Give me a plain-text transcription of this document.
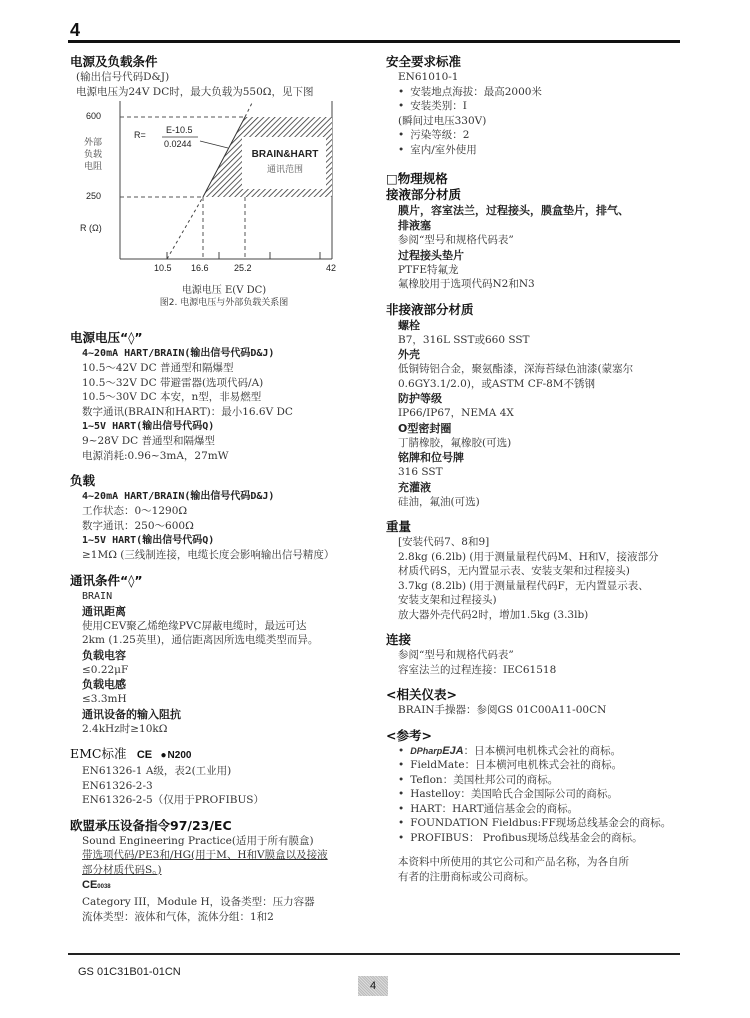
4
电源及负载条件
(输出信号代码D&J)
电源电压为24V DC时，最大负载为550Ω，见下图
600
250
外部
负载
电阻
R (Ω)
R= E-10.5
0.0244
BRAIN&HART
通讯范围
10.5 16.6	25.2	42
电源电压 E(V DC)
图2. 电源电压与外部负载关系图
电源电压“◊”
4~20mA HART/BRAIN(输出信号代码D&J)
10.5～42V DC 普通型和隔爆型
10.5～32V DC 带避雷器(选项代码/A)
10.5～30V DC 本安，n型，非易燃型
数字通讯(BRAIN和HART)：最小16.6V DC
1~5V HART(输出信号代码Q)
9~28V DC 普通型和隔爆型
电源消耗:0.96~3mA，27mW
负载
4~20mA HART/BRAIN(输出信号代码D&J)
工作状态：0～1290Ω
数字通讯：250～600Ω
1~5V HART(输出信号代码Q)
≥1MΩ (三线制连接，电缆长度会影响输出信号精度）
通讯条件“◊”
BRAIN
通讯距离
使用CEV聚乙烯绝缘PVC屏蔽电缆时，最远可达
2km (1.25英里)，通信距离因所选电缆类型而异。
负载电容
≤0.22μF
负载电感
≤3.3mH
通讯设备的输入阻抗
2.4kHz时≥10kΩ
EMC标准 CE ●N200
EN61326-1 A级，表2(工业用)
EN61326-2-3
EN61326-2-5（仅用于PROFIBUS）
欧盟承压设备指令97/23/EC
Sound Engineering Practice(适用于所有膜盒)
带选项代码/PE3和/HG(用于M、H和V膜盒以及接液
部分材质代码S。)
CE0038
Category III，Module H，设备类型：压力容器
流体类型：液体和气体，流体分组：1和2
安全要求标准
EN61010-1
• 安装地点海拔：最高2000米
• 安装类别：I
(瞬间过电压330V)
• 污染等级：2
• 室内/室外使用
□物理规格
接液部分材质
膜片，容室法兰，过程接头，膜盒垫片，排气、
排液塞
参阅“型号和规格代码表”
过程接头垫片
PTFE特氟龙
氟橡胶用于选项代码N2和N3
非接液部分材质
螺栓
B7，316L SST或660 SST
外壳
低铜铸铝合金，聚氨酯漆，深海苔绿色油漆(蒙塞尔
0.6GY3.1/2.0)，或ASTM CF-8M不锈钢
防护等级
IP66/IP67，NEMA 4X
O型密封圈
丁腈橡胶，氟橡胶(可选)
铭牌和位号牌
316 SST
充灌液
硅油，氟油(可选)
重量
[安装代码7、8和9]
2.8kg (6.2lb) (用于测量量程代码M、H和V，接液部分
材质代码S，无内置显示表、安装支架和过程接头)
3.7kg (8.2lb) (用于测量量程代码F，无内置显示表、
安装支架和过程接头)
放大器外壳代码2时，增加1.5kg (3.3lb)
连接
参阅“型号和规格代码表”
容室法兰的过程连接：IEC61518
<相关仪表>
BRAIN手操器：参阅GS 01C00A11-00CN
<参考>
• DPharpEJA：日本横河电机株式会社的商标。
• FieldMate：日本横河电机株式会社的商标。
• Teflon：美国杜邦公司的商标。
• Hastelloy：美国哈氏合金国际公司的商标。
• HART：HART通信基金会的商标。
• FOUNDATION Fieldbus:FF现场总线基金会的商标。
• PROFIBUS： Profibus现场总线基金会的商标。
本资料中所使用的其它公司和产品名称，为各自所
有者的注册商标或公司商标。
GS 01C31B01-01CN
4
